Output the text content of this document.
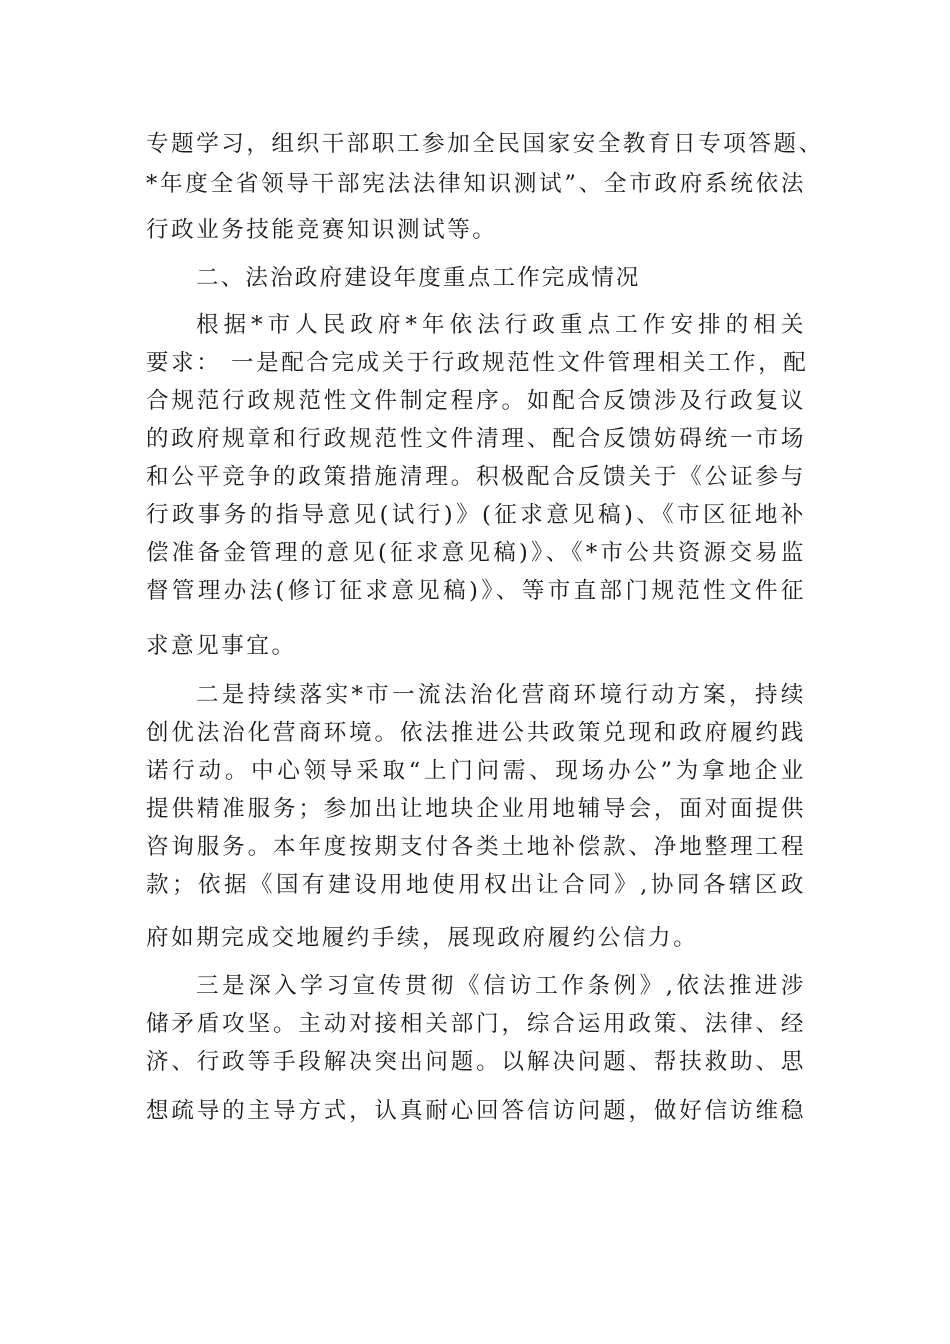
专题学习，组织干部职工参加全民国家安全教育日专项答题、
*年度全省领导干部宪法法律知识测试”、全市政府系统依法
行政业务技能竞赛知识测试等。
二、法治政府建设年度重点工作完成情况
根据*市人民政府*年依法行政重点工作安排的相关
要求： 一是配合完成关于行政规范性文件管理相关工作，配
合规范行政规范性文件制定程序。如配合反馈涉及行政复议
的政府规章和行政规范性文件清理、配合反馈妨碍统一市场
和公平竞争的政策措施清理。积极配合反馈关于《公证参与
行政事务的指导意见(试行)》(征求意见稿)、《市区征地补
偿准备金管理的意见(征求意见稿)》、《*市公共资源交易监
督管理办法(修订征求意见稿)》、等市直部门规范性文件征
求意见事宜。
二是持续落实*市一流法治化营商环境行动方案，持续
创优法治化营商环境。依法推进公共政策兑现和政府履约践
诺行动。中心领导采取“上门问需、现场办公”为拿地企业
提供精准服务；参加出让地块企业用地辅导会，面对面提供
咨询服务。本年度按期支付各类土地补偿款、净地整理工程
款；依据《国有建设用地使用权出让合同》,协同各辖区政
府如期完成交地履约手续，展现政府履约公信力。
三是深入学习宣传贯彻《信访工作条例》,依法推进涉
储矛盾攻坚。主动对接相关部门，综合运用政策、法律、经
济、行政等手段解决突出问题。以解决问题、帮扶救助、思
想疏导的主导方式，认真耐心回答信访问题，做好信访维稳
